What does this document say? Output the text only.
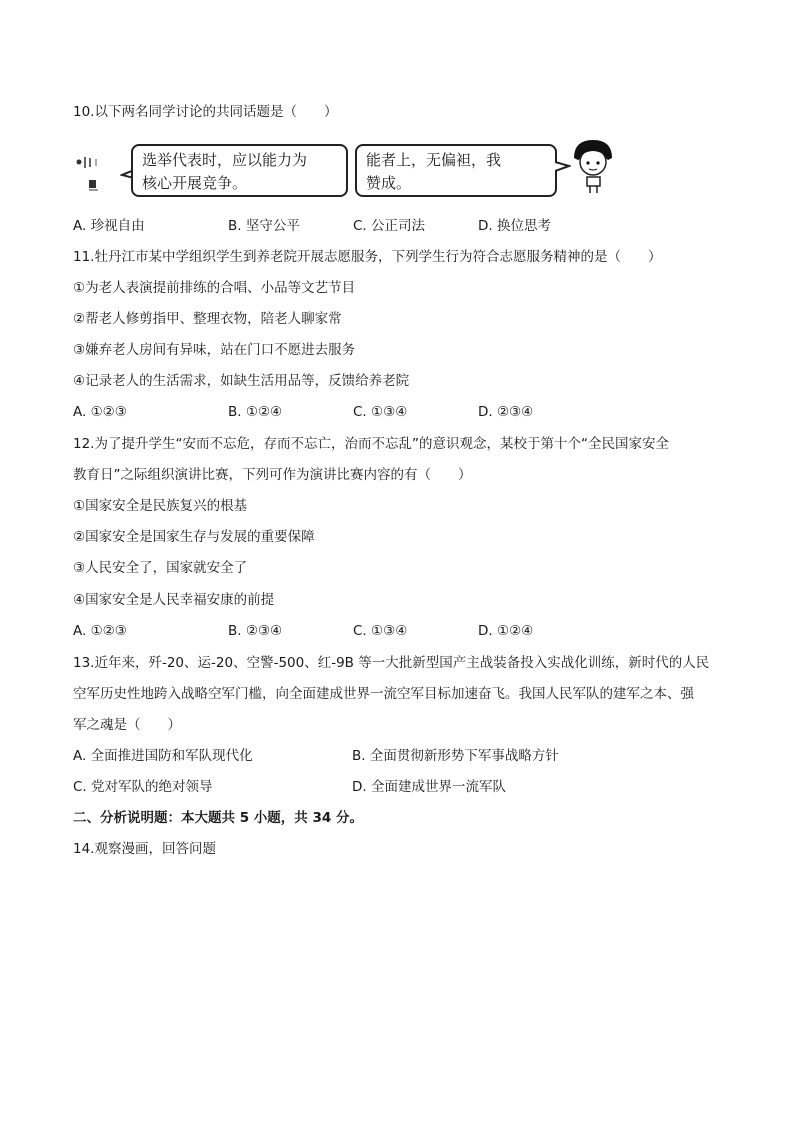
10.以下两名同学讨论的共同话题是（　　）
选举代表时，应以能力为
核心开展竞争。
能者上，无偏袒，我
赞成。
A. 珍视自由	B. 坚守公平	C. 公正司法	D. 换位思考
11.牡丹江市某中学组织学生到养老院开展志愿服务，下列学生行为符合志愿服务精神的是（　　）
①为老人表演提前排练的合唱、小品等文艺节目
②帮老人修剪指甲、整理衣物，陪老人聊家常
③嫌弃老人房间有异味，站在门口不愿进去服务
④记录老人的生活需求，如缺生活用品等，反馈给养老院
A. ①②③	B. ①②④	C. ①③④	D. ②③④
12.为了提升学生“安而不忘危，存而不忘亡，治而不忘乱”的意识观念，某校于第十个“全民国家安全
教育日”之际组织演讲比赛，下列可作为演讲比赛内容的有（　　）
①国家安全是民族复兴的根基
②国家安全是国家生存与发展的重要保障
③人民安全了，国家就安全了
④国家安全是人民幸福安康的前提
A. ①②③	B. ②③④	C. ①③④	D. ①②④
13.近年来，歼-20、运-20、空警-500、红-9B 等一大批新型国产主战装备投入实战化训练，新时代的人民
空军历史性地跨入战略空军门槛，向全面建成世界一流空军目标加速奋飞。我国人民军队的建军之本、强
军之魂是（　　）
A. 全面推进国防和军队现代化	B. 全面贯彻新形势下军事战略方针
C. 党对军队的绝对领导	D. 全面建成世界一流军队
二、分析说明题：本大题共 5 小题，共 34 分。
14.观察漫画，回答问题
